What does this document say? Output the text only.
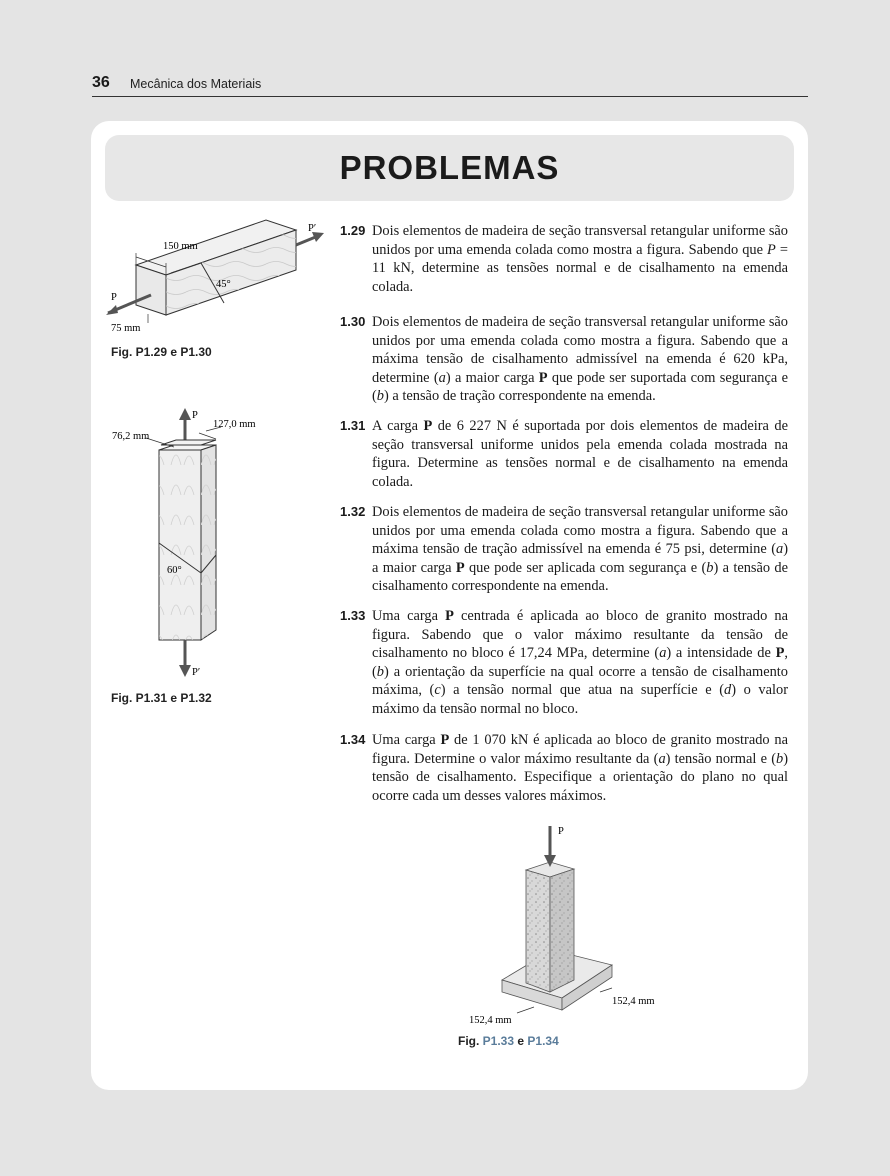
36 Mecânica dos Materiais
PROBLEMAS
150 mm
45°
P
P′
75 mm
Fig. P1.29 e P1.30
76,2 mm
127,0 mm
P
P′
60°
Fig. P1.31 e P1.32
1.29 Dois elementos de madeira de seção transversal retangular uniforme são unidos por uma emenda colada como mostra a figura. Sabendo que P = 11 kN, determine as tensões normal e de cisalhamento na emenda colada.
1.30 Dois elementos de madeira de seção transversal retangular uniforme são unidos por uma emenda colada como mostra a figura. Sabendo que a máxima tensão de cisalhamento admissível na emenda é 620 kPa, determine (a) a maior carga P que pode ser suportada com segurança e (b) a tensão de tração correspondente na emenda.
1.31 A carga P de 6 227 N é suportada por dois elementos de madeira de seção transversal uniforme unidos pela emenda colada mostrada na figura. Determine as tensões normal e de cisalhamento na emenda colada.
1.32 Dois elementos de madeira de seção transversal retangular uniforme são unidos por uma emenda colada como mostra a figura. Sabendo que a máxima tensão de tração admissível na emenda é 75 psi, determine (a) a maior carga P que pode ser aplicada com segurança e (b) a tensão de cisalhamento correspondente na emenda.
1.33 Uma carga P centrada é aplicada ao bloco de granito mostrado na figura. Sabendo que o valor máximo resultante da tensão de cisalhamento no bloco é 17,24 MPa, determine (a) a intensidade de P, (b) a orientação da superfície na qual ocorre a tensão de cisalhamento máxima, (c) a tensão normal que atua na superfície e (d) o valor máximo da tensão normal no bloco.
1.34 Uma carga P de 1 070 kN é aplicada ao bloco de granito mostrado na figura. Determine o valor máximo resultante da (a) tensão normal e (b) tensão de cisalhamento. Especifique a orientação do plano no qual ocorre cada um desses valores máximos.
P
152,4 mm
152,4 mm
Fig. P1.33 e P1.34
